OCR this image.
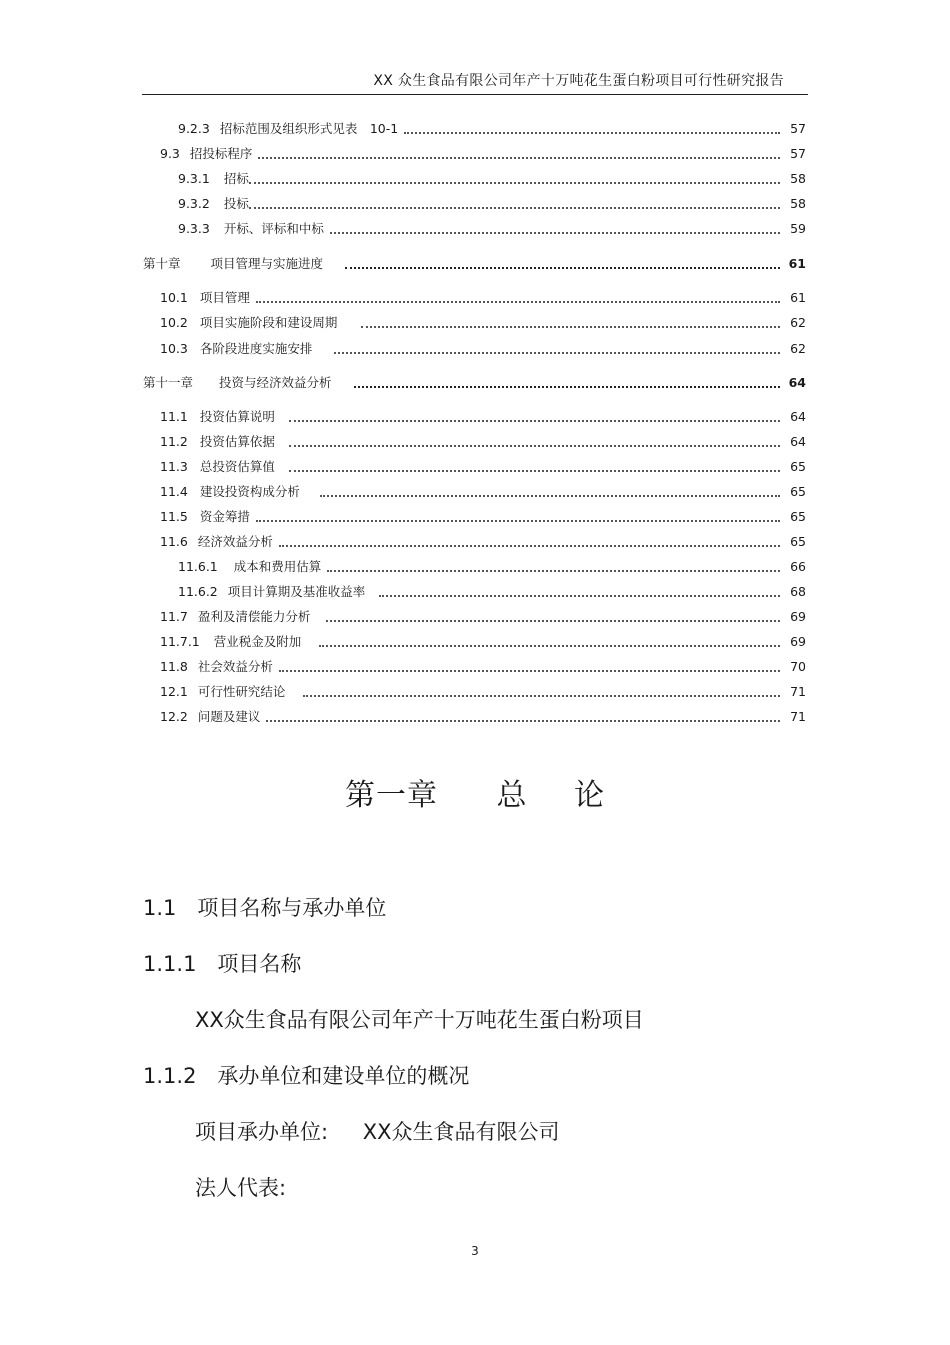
XX 众生食品有限公司年产十万吨花生蛋白粉项目可行性研究报告
9.2.3 招标范围及组织形式见表　10-1	57
9.3 招投标程序	57
9.3.1 招标	58
9.3.2 投标	58
9.3.3 开标、评标和中标	59
第十章 项目管理与实施进度	61
10.1 项目管理	61
10.2 项目实施阶段和建设周期	62
10.3 各阶段进度实施安排	62
第十一章 投资与经济效益分析	64
11.1 投资估算说明	64
11.2 投资估算依据	64
11.3 总投资估算值	65
11.4 建设投资构成分析	65
11.5 资金筹措	65
11.6 经济效益分析	65
11.6.1 成本和费用估算	66
11.6.2 项目计算期及基准收益率	68
11.7 盈利及清偿能力分析	69
11.7.1 营业税金及附加	69
11.8 社会效益分析	70
12.1 可行性研究结论	71
12.2 问题及建议	71
第一章 总 论
1.1　项目名称与承办单位
1.1.1　项目名称
XX众生食品有限公司年产十万吨花生蛋白粉项目
1.1.2　承办单位和建设单位的概况
项目承办单位: XX众生食品有限公司
法人代表:
3
